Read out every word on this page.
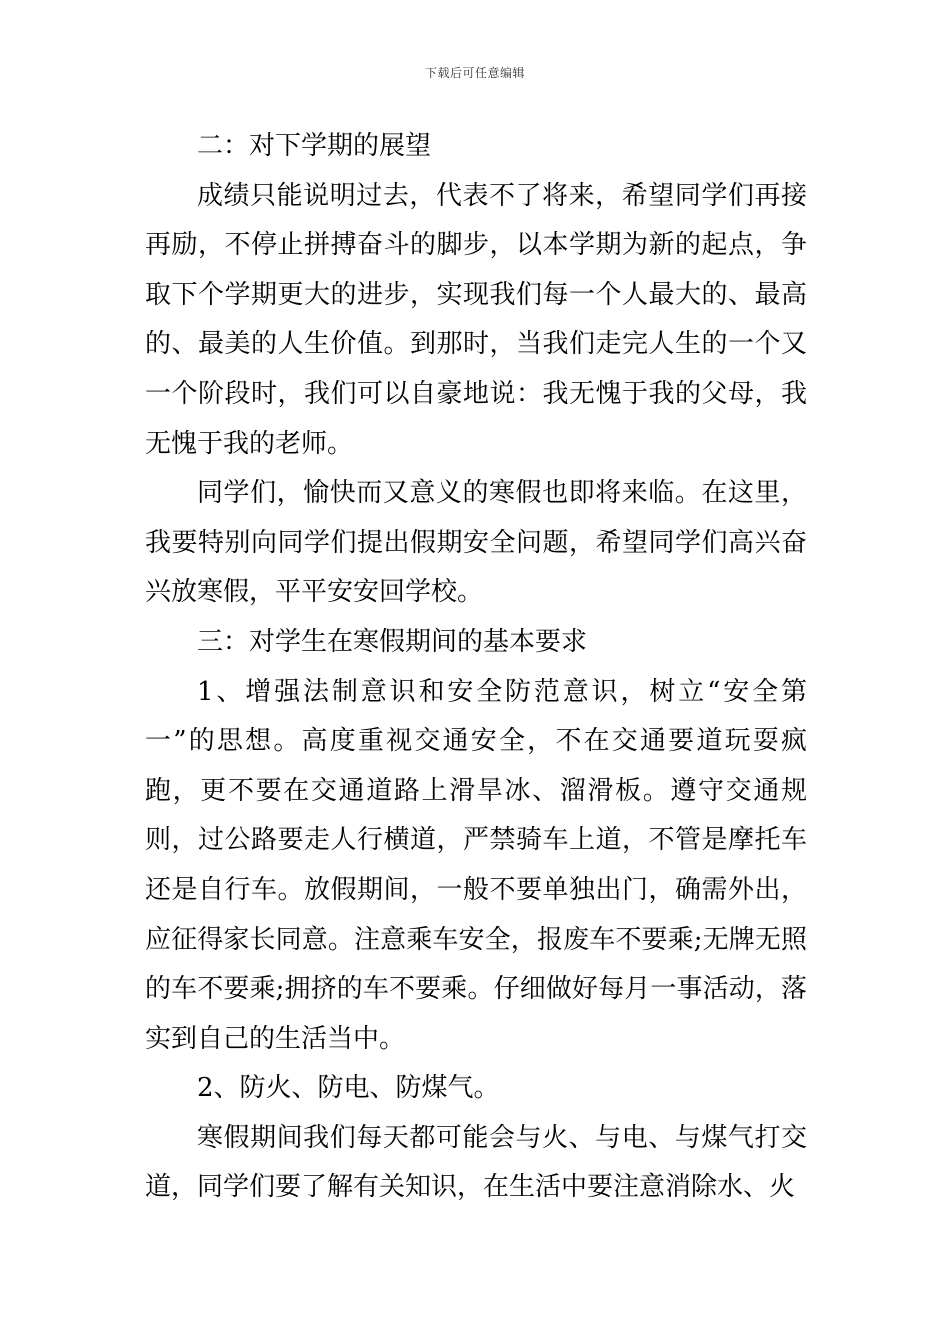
下载后可任意编辑

二：对下学期的展望

成绩只能说明过去，代表不了将来，希望同学们再接再励，不停止拼搏奋斗的脚步，以本学期为新的起点，争取下个学期更大的进步，实现我们每一个人最大的、最高的、最美的人生价值。到那时，当我们走完人生的一个又一个阶段时，我们可以自豪地说：我无愧于我的父母，我无愧于我的老师。

同学们，愉快而又意义的寒假也即将来临。在这里，我要特别向同学们提出假期安全问题，希望同学们高兴奋兴放寒假，平平安安回学校。

三：对学生在寒假期间的基本要求

1、增强法制意识和安全防范意识，树立“安全第一”的思想。高度重视交通安全，不在交通要道玩耍疯跑，更不要在交通道路上滑旱冰、溜滑板。遵守交通规则，过公路要走人行横道，严禁骑车上道，不管是摩托车还是自行车。放假期间，一般不要单独出门，确需外出，应征得家长同意。注意乘车安全，报废车不要乘;无牌无照的车不要乘;拥挤的车不要乘。仔细做好每月一事活动，落实到自己的生活当中。

2、防火、防电、防煤气。

寒假期间我们每天都可能会与火、与电、与煤气打交道，同学们要了解有关知识，在生活中要注意消除水、火
